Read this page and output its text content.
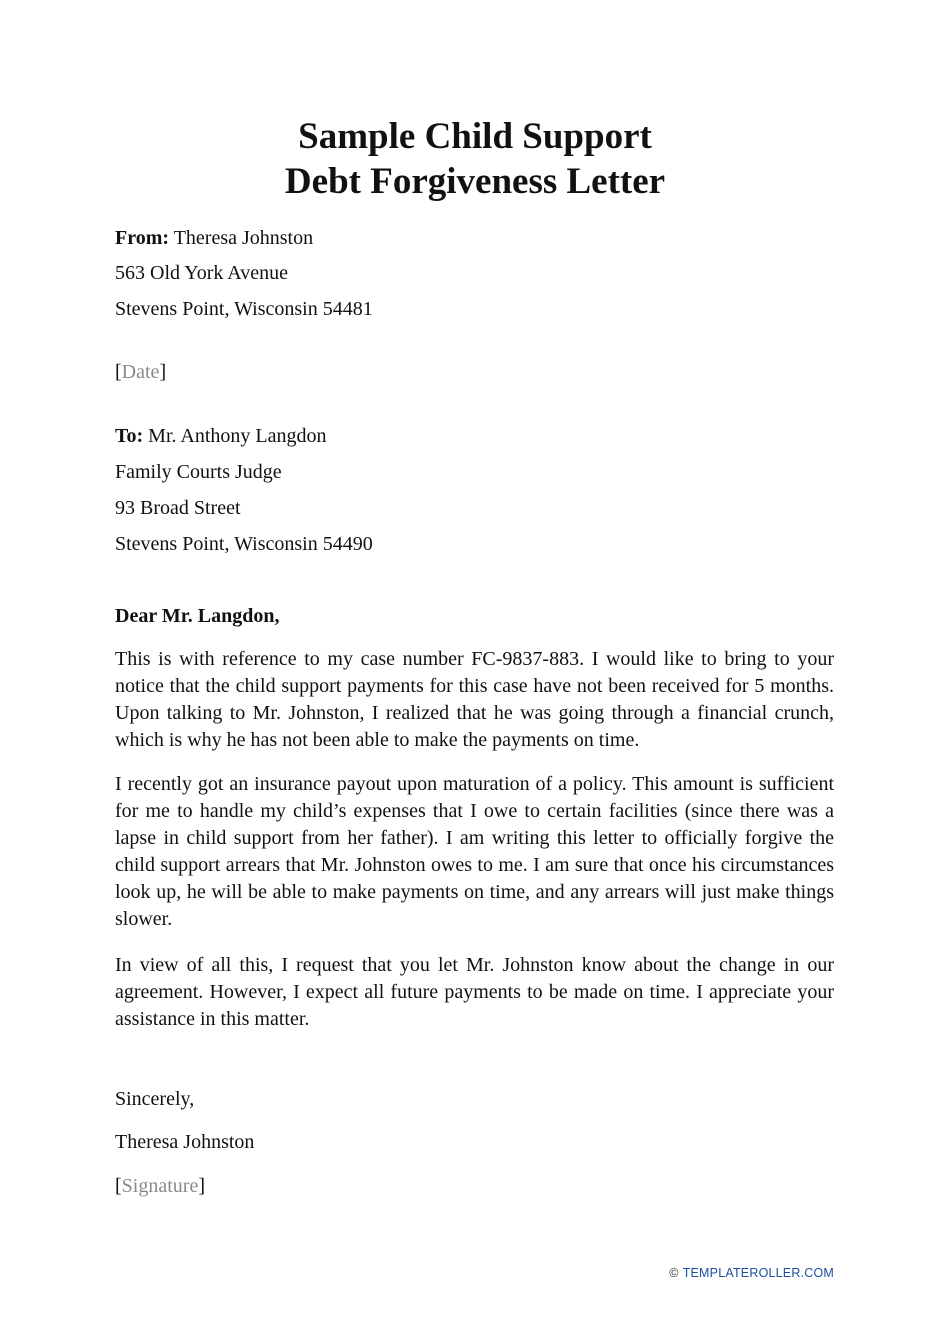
Sample Child Support
Debt Forgiveness Letter

From: Theresa Johnston

563 Old York Avenue

Stevens Point, Wisconsin 54481

[Date]

To: Mr. Anthony Langdon

Family Courts Judge

93 Broad Street

Stevens Point, Wisconsin 54490

Dear Mr. Langdon,

This is with reference to my case number FC-9837-883. I would like to bring to your notice that the child support payments for this case have not been received for 5 months. Upon talking to Mr. Johnston, I realized that he was going through a financial crunch, which is why he has not been able to make the payments on time.

I recently got an insurance payout upon maturation of a policy. This amount is sufficient for me to handle my child’s expenses that I owe to certain facilities (since there was a lapse in child support from her father). I am writing this letter to officially forgive the child support arrears that Mr. Johnston owes to me. I am sure that once his circumstances look up, he will be able to make payments on time, and any arrears will just make things slower.

In view of all this, I request that you let Mr. Johnston know about the change in our agreement. However, I expect all future payments to be made on time. I appreciate your assistance in this matter.

Sincerely,

Theresa Johnston

[Signature]

© TEMPLATEROLLER.COM
